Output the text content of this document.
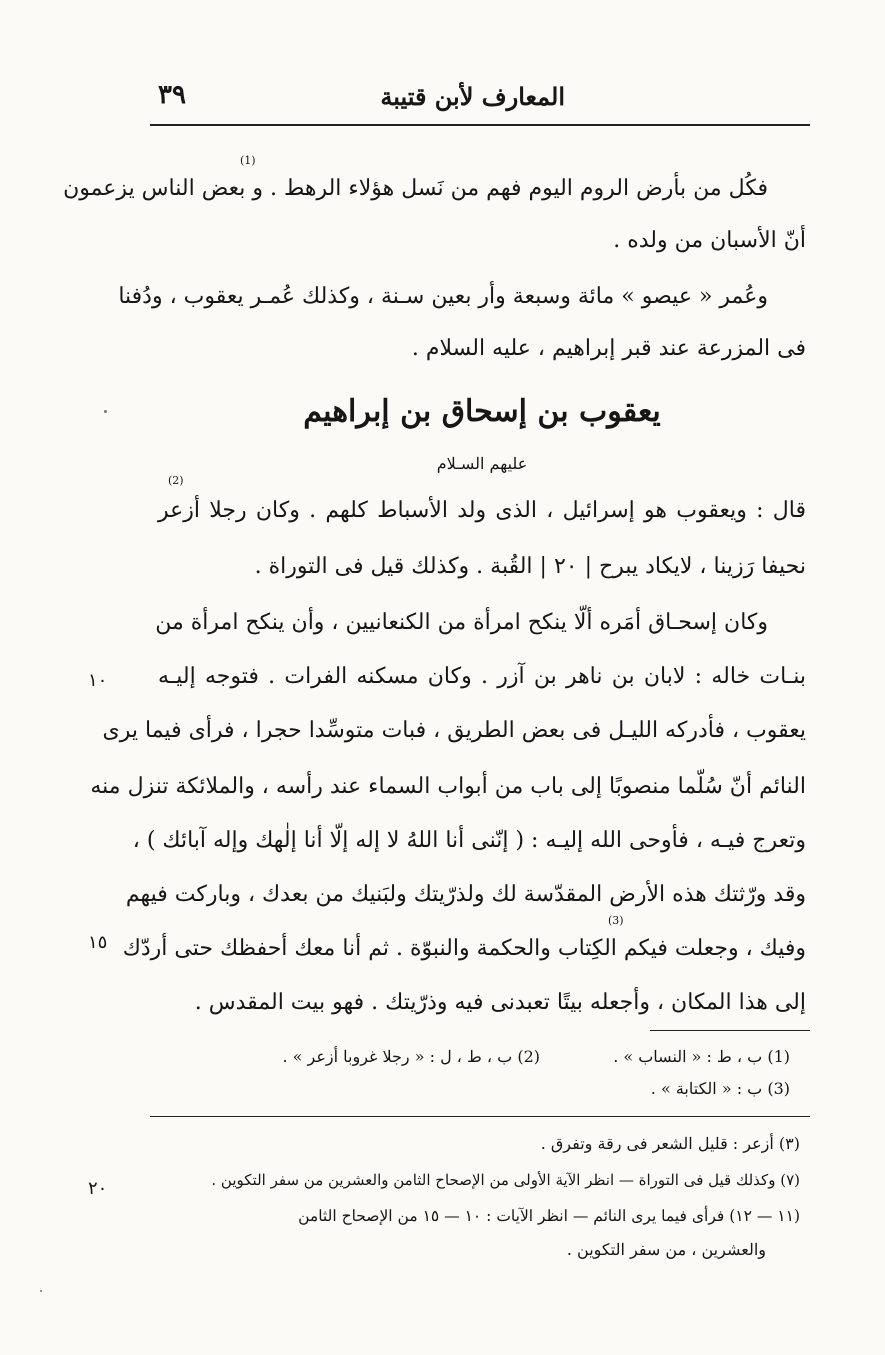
المعارف لأبن قتيبة
٣٩
(1)
فكُل من بأرض الروم اليوم فهم من نَسل هؤلاء الرهط . و بعض الناس يزعمون
أنّ الأسبان من ولده .
وعُمر « عيصو » مائة وسبعة وأر بعين سـنة ، وكذلك عُمـر يعقوب ، ودُفنا
فى المزرعة عند قبر إبراهيم ، عليه السلام .
يعقوب بن إسحاق بن إبراهيم
عليهم السـلام
(2)
قال : ويعقوب هو إسرائيل ، الذى ولد الأسباط كلهم . وكان رجلا أزعر
نحيفا رَزينا ، لايكاد يبرح | ٢٠ | القُبة . وكذلك قيل فى التوراة .
وكان إسحـاق أمَره ألّا ينكح امرأة من الكنعانيين ، وأن ينكح امرأة من
بنـات خاله : لابان بن ناهر بن آزر . وكان مسكنه الفرات . فتوجه إليـه
يعقوب ، فأدركه الليـل فى بعض الطريق ، فبات متوسِّدا حجرا ، فرأى فيما يرى
النائم أنّ سُلّما منصوبًا إلى باب من أبواب السماء عند رأسه ، والملائكة تنزل منه
وتعرج فيـه ، فأوحى الله إليـه : ( إنّنى أنا اللهُ لا إله إلّا أنا إلٰهك وإله آبائك ) ،
وقد ورّثتك هذه الأرض المقدّسة لك ولذرّيتك ولبَنيك من بعدك ، وبارکت فيهم
(3)
وفيك ، وجعلت فيكم الكِتاب والحكمة والنبوّة . ثم أنا معك أحفظك حتى أردّك
إلى هذا المكان ، وأجعله بيتًا تعبدنى فيه وذرّيتك . فهو بيت المقدس .
١٠
١٥
٢٠
(1) ب ، ط : « النساب » .
(2) ب ، ط ، ل : « رجلا غروبا أزعر » .
(3) ب : « الكتابة » .
(٣) أزعر : قليل الشعر فى رقة وتفرق .
(٧) وكذلك قيل فى التوراة — انظر الآية الأولى من الإصحاح الثامن والعشرين من سفر التكوين .
(١١ — ١٢) فرأى فيما يرى النائم — انظر الآيات : ١٠ — ١٥ من الإصحاح الثامن
والعشرين ، من سفر التكوين .
